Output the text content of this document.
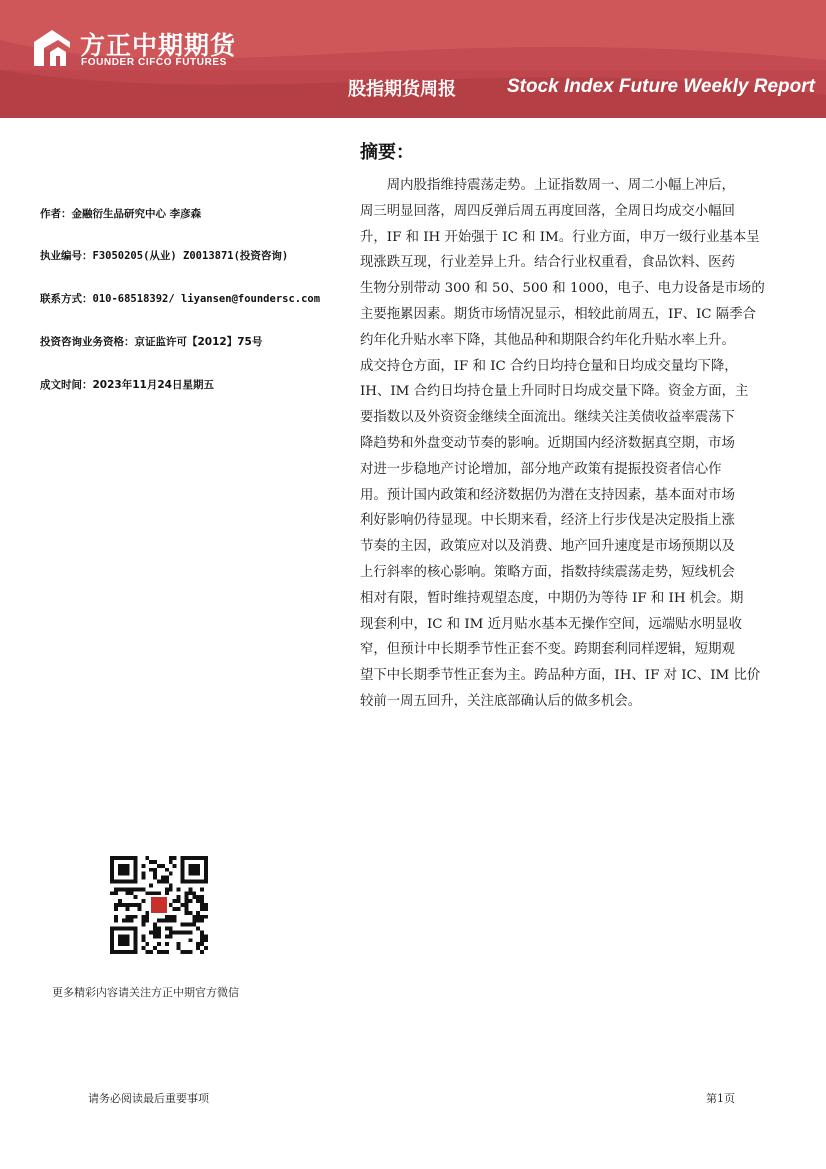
方正中期期货
FOUNDER CIFCO FUTURES
股指期货周报	Stock Index Future Weekly Report
作者：金融衍生品研究中心 李彦森
执业编号：F3050205(从业) Z0013871(投资咨询)
联系方式：010-68518392/ liyansen@foundersc.com
投资咨询业务资格：京证监许可【2012】75号
成文时间：2023年11月24日星期五
摘要：
　　周内股指维持震荡走势。上证指数周一、周二小幅上冲后，
周三明显回落，周四反弹后周五再度回落，全周日均成交小幅回
升，IF 和 IH 开始强于 IC 和 IM。行业方面，申万一级行业基本呈
现涨跌互现，行业差异上升。结合行业权重看，食品饮料、医药
生物分别带动 300 和 50、500 和 1000，电子、电力设备是市场的
主要拖累因素。期货市场情况显示，相较此前周五，IF、IC 隔季合
约年化升贴水率下降，其他品种和期限合约年化升贴水率上升。
成交持仓方面，IF 和 IC 合约日均持仓量和日均成交量均下降，
IH、IM 合约日均持仓量上升同时日均成交量下降。资金方面，主
要指数以及外资资金继续全面流出。继续关注美债收益率震荡下
降趋势和外盘变动节奏的影响。近期国内经济数据真空期，市场
对进一步稳地产讨论增加，部分地产政策有提振投资者信心作
用。预计国内政策和经济数据仍为潜在支持因素，基本面对市场
利好影响仍待显现。中长期来看，经济上行步伐是决定股指上涨
节奏的主因，政策应对以及消费、地产回升速度是市场预期以及
上行斜率的核心影响。策略方面，指数持续震荡走势，短线机会
相对有限，暂时维持观望态度，中期仍为等待 IF 和 IH 机会。期
现套利中，IC 和 IM 近月贴水基本无操作空间，远端贴水明显收
窄，但预计中长期季节性正套不变。跨期套利同样逻辑，短期观
望下中长期季节性正套为主。跨品种方面，IH、IF 对 IC、IM 比价
较前一周五回升，关注底部确认后的做多机会。
更多精彩内容请关注方正中期官方微信
请务必阅读最后重要事项	第1页
